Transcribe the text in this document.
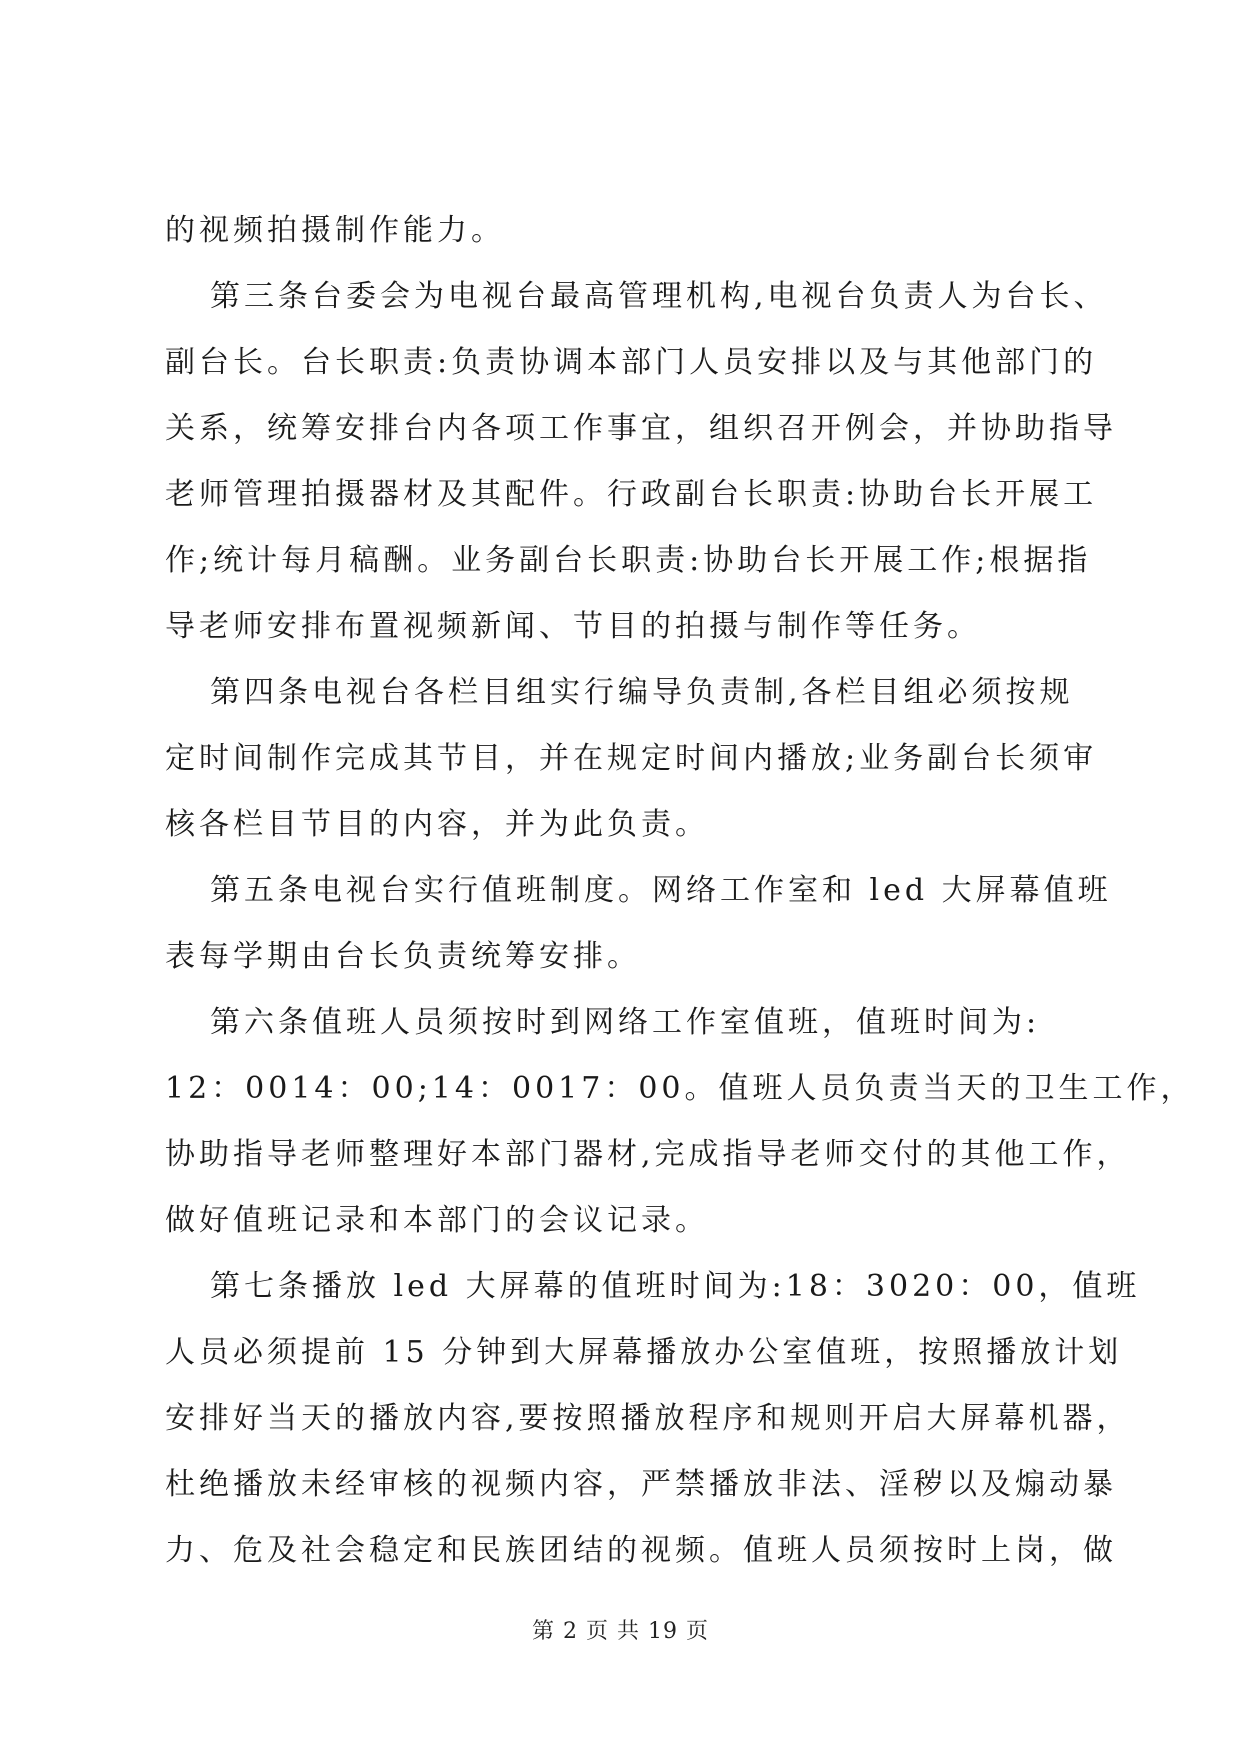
的视频拍摄制作能力。
第三条台委会为电视台最高管理机构,电视台负责人为台长、
副台长。台长职责:负责协调本部门人员安排以及与其他部门的
关系，统筹安排台内各项工作事宜，组织召开例会，并协助指导
老师管理拍摄器材及其配件。行政副台长职责:协助台长开展工
作;统计每月稿酬。业务副台长职责:协助台长开展工作;根据指
导老师安排布置视频新闻、节目的拍摄与制作等任务。
第四条电视台各栏目组实行编导负责制,各栏目组必须按规
定时间制作完成其节目，并在规定时间内播放;业务副台长须审
核各栏目节目的内容，并为此负责。
第五条电视台实行值班制度。网络工作室和 led 大屏幕值班
表每学期由台长负责统筹安排。
第六条值班人员须按时到网络工作室值班，值班时间为:
12：0014：00;14：0017：00。值班人员负责当天的卫生工作，
协助指导老师整理好本部门器材,完成指导老师交付的其他工作，
做好值班记录和本部门的会议记录。
第七条播放 led 大屏幕的值班时间为:18：3020：00，值班
人员必须提前 15 分钟到大屏幕播放办公室值班，按照播放计划
安排好当天的播放内容,要按照播放程序和规则开启大屏幕机器，
杜绝播放未经审核的视频内容，严禁播放非法、淫秽以及煽动暴
力、危及社会稳定和民族团结的视频。值班人员须按时上岗，做
第 2 页 共 19 页
